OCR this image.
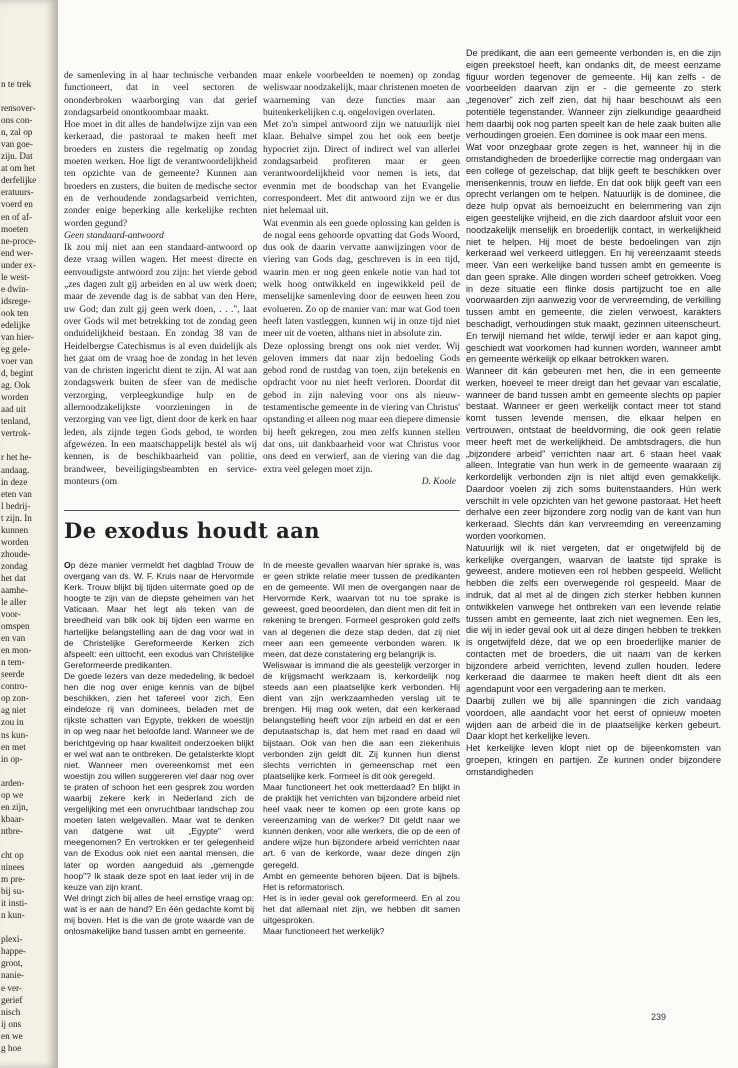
n te trek

rensover-
ons con-
n, zal op
van goe-
zijn. Dat
at om het
derfelijke
eratuurs-
voerd en
en of af-
moeten
ne-proce-
end wer-
under ex-
le west-
e dwin-
idsrege-
ook ten
edelijke
van hier-
eg gele-
voer van
d, begint
ag. Ook
worden
aad uit
tenland,
vertrok-

r het he-
andaag.
in deze
eten van
l bedrij-
t zijn. In
kunnen
worden
zhoude-
zondag
het dat
aamhe-
le aller
voor-
omspen
en van
en mon-
n tem-
seerde
contro-
op zon-
ag niet
zou in
ns kun-
en met
in op-

arden-
op we
en zijn,
kbaar-
ntbre-

cht op
ninees
m pre-
bij su-
it insti-
n kun-

plexi-
happe-
groot,
nanie-
e ver-
gerief
nisch
ij ons
en we
g hoe

de samenleving in al haar technische verbanden functioneert, dat in veel sectoren de ononderbroken waarborging van dat gerief zondagsarbeid onontkoombaar maakt.

Hoe moet in dit alles de handelwijze zijn van een kerkeraad, die pastoraal te maken heeft met broeders en zusters die regelmatig op zondag moeten werken. Hoe ligt de verantwoordelijkheid ten opzichte van de gemeente? Kunnen aan broeders en zusters, die buiten de medische sector en de verhoudende zondagsarbeid verrichten, zonder enige beperking alle kerkelijke rechten worden gegund?

Geen standaard-antwoord

Ik zou mij niet aan een standaard-antwoord op deze vraag willen wagen. Het meest directe en eenvoudigste antwoord zou zijn: het vierde gebod „zes dagen zult gij arbeiden en al uw werk doen; maar de zevende dag is de sabbat van den Here, uw God; dan zult gij geen werk doen, . . .", laat over Gods wil met betrekking tot de zondag geen onduidelijkheid bestaan. En zondag 38 van de Heidelbergse Catechismus is al even duidelijk als het gaat om de vraag hoe de zondag in het leven van de christen ingericht dient te zijn. Al wat aan zondagswerk buiten de sfeer van de medische verzorging, verpleegkundige hulp en de allernoodzakelijkste voorzieningen in de verzorging van vee ligt, dient door de kerk en haar leden, als zijnde tegen Gods gebod, te worden afgewezen. In een maatschappelijk bestel als wij kennen, is de beschikbaarheid van politie, brandweer, beveiligingsbeambten en service-monteurs (om

maar enkele voorbeelden te noemen) op zondag weliswaar noodzakelijk, maar christenen moeten de waarneming van deze functies maar aan buitenkerkelijken c.q. ongelovigen overlaten.

Met zo'n simpel antwoord zijn we natuurlijk niet klaar. Behalve simpel zou het ook een beetje hypocriet zijn. Direct of indirect wel van allerlei zondagsarbeid profiteren maar er geen verantwoordelijkheid voor nemen is iets, dat evenmin met de boodschap van het Evangelie correspondeert. Met dit antwoord zijn we er dus niet helemaal uit.

Wat evenmin als een goede oplossing kan gelden is de nogal eens gehoorde opvatting dat Gods Woord, dus ook de daarin vervatte aanwijzingen voor de viering van Gods dag, geschreven is in een tijd, waarin men er nog geen enkele notie van had tot welk hoog ontwikkeld en ingewikkeld peil de menselijke samenleving door de eeuwen heen zou evolueren. Zo op de manier van: mar wat God toen heeft laten vastleggen, kunnen wij in onze tijd niet meer uit de voeten, althans niet in absolute zin.

Deze oplossing brengt ons ook niet verder. Wij geloven immers dat naar zijn bedoeling Gods gebod rond de rustdag van toen, zijn betekenis en opdracht voor nu niet heeft verloren. Doordat dit gebod in zijn naleving voor ons als nieuw-testamentische gemeente in de viering van Christus' opstanding et alleen nog maar een diepere dimensie bij heeft gekregen, zou men zelfs kunnen stellen dat ons, uit dankbaarheid voor wat Christus voor ons deed en verwierf, aan de viering van die dag extra veel gelegen moet zijn.

D. Koole

De exodus houdt aan

Op deze manier vermeldt het dagblad Trouw de overgang van ds. W. F. Kruis naar de Hervormde Kerk. Trouw blijkt bij tijden uitermate goed op de hoogte te zijn van de diepste geheimen van het Vaticaan. Maar het legt als teken van de breedheid van blik ook bij tijden een warme en hartelijke belangstelling aan de dag voor wat in de Christelijke Gereformeerde Kerken zich afspeelt: een uittocht, een exodus van Christelijke Gereformeerde predikanten.

De goede lezers van deze mededeling, ik bedoel hen die nog over enige kennis van de bijbel beschikken, zien het tafereel voor zich. Een eindeloze rij van dominees, beladen met de rijkste schatten van Egypte, trekken de woestijn in op weg naar het beloofde land. Wanneer we de berichtgeving op haar kwaliteit onderzoeken blijkt er wel wat aan te ontbreken. De getalsterkte klopt niet. Wanneer men overeenkomst met een woestijn zou willen suggereren viel daar nog over te praten of schoon het een gesprek zou worden waarbij zekere kerk in Nederland zich de vergelijking met een onvruchtbaar landschap zou moeten laten welgevallen. Maar wat te denken van datgene wat uit „Egypte" werd meegenomen? En vertrokken er ter gelegenheid van de Exodus ook niet een aantal mensen, die later op worden aangeduid als „gemengde hoop"? Ik staak deze spot en laat ieder vrij in de keuze van zijn krant.

Wel dringt zich bij alles de heel ernstige vraag op: wat is er aan de hand? En één gedachte komt bij mij boven. Het is die van de grote waarde van de onlosmakelijke band tussen ambt en gemeente.

In de meeste gevallen waarvan hier sprake is, was er geen strikte relatie meer tussen de predikanten en de gemeente. Wil men de overgangen naar de Hervormde Kerk, waarvan tot nu toe sprake is geweest, goed beoordelen, dan dient men dit feit in rekening te brengen. Formeel gesproken gold zelfs van al degenen die deze stap deden, dat zij niet meer aan een gemeente verbonden waren. Ik meen, dat deze constatering erg belangrijk is.

Weliswaar is immand die als geestelijk verzorger in de krijgsmacht werkzaam is, kerkordelijk nog steeds aan een plaatselijke kerk verbonden. Hij dient van zijn werkzaamheden verslag uit te brengen. Hij mag ook weten, dat een kerkeraad belangstelling heeft voor zijn arbeid en dat er een deputaatschap is, dat hem met raad en daad wil bijstaan. Ook van hen die aan een ziekenhuis verbonden zijn geldt dit. Zij kunnen hun dienst slechts verrichten in gemeenschap met een plaatselijke kerk. Formeel is dit ook geregeld.

Maar functioneert het ook metterdaad? En blijkt in de praktijk het verrichten van bijzondere arbeid niet heel vaak neer te komen op een grote kans op vereenzaming van de werker? Dit geldt naar we kunnen denken, voor alle werkers, die op de een of andere wijze hun bijzondere arbeid verrichten naar art. 6 van de kerkorde, waar deze dingen zijn geregeld.

Ambt en gemeente behoren bijeen. Dat is bijbels. Het is reformatorisch.

Het is in ieder geval ook gereformeerd. En al zou het dat allemaal niet zijn, we hebben dit samen uitgesproken.

Maar functioneert het werkelijk?

De predikant, die aan een gemeente verbonden is, en die zijn eigen preekstoel heeft, kan ondanks dit, de meest eenzame figuur worden tegenover de gemeente. Hij kan zelfs - de voorbeelden daarvan zijn er - die gemeente zo sterk „tegenover" zich zelf zien, dat hij haar beschouwt als een potentiële tegenstander. Wanneer zijn zielkundige geaardheid hem daarbij ook nog parten speelt kan de hele zaak buiten alle verhoudingen groeien. Een dominee is ook maar een mens.

Wat voor onzegbaar grote zegen is het, wanneer hij in die omstandigheden de broederlijke correctie mag ondergaan van een college of gezelschap, dat blijk geeft te beschikken over mensenkennis, trouw en liefde. En dat ook blijk geeft van een oprecht verlangen om te helpen. Natuurlijk is de dominee, die deze hulp opvat als bemoeizucht en belemmering van zijn eigen geestelijke vrijheid, en die zich daardoor afsluit voor een noodzakelijk menselijk en broederlijk contact, in werkelijkheid niet te helpen. Hij moet de beste bedoelingen van zijn kerkeraad wel verkeerd uitleggen. En hij vereenzaamt steeds meer. Van een werkelijke band tussen ambt en gemeente is dan geen sprake. Alle dingen worden scheef getrokken. Voeg in deze situatie een flinke dosis partijzucht toe en alle voorwaarden zijn aanwezig voor de vervreemding, de verkilling tussen ambt en gemeente, die zielen verwoest, karakters beschadigt, verhoudingen stuk maakt, gezinnen uiteenscheurt. En terwijl niemand het wilde, terwijl ieder er aan kapot ging, geschiedt wat voorkomen had kunnen worden, wanneer ambt en gemeente wérkelijk op elkaar betrokken waren.

Wanneer dit kán gebeuren met hen, die in een gemeente werken, hoeveel te meer dreigt dan het gevaar van escalatie, wanneer de band tussen ambt en gemeente slechts op papier bestaat. Wanneer er geen werkelijk contact meer tot stand komt tussen levende mensen, die elkaar helpen en vertrouwen, ontstaat de beeldvorming, die ook geen relatie meer heeft met de werkelijkheid. De ambtsdragers, die hun „bijzondere arbeid" verrichten naar art. 6 staan heel vaak alleen. Integratie van hun werk in de gemeente waaraan zij kerkordelijk verbonden zijn is niet altijd even gemakkelijk. Daardoor voelen zij zich soms buitenstaanders. Hún werk verschilt in vele opzichten van het gewone pastoraat. Het heeft derhalve een zeer bijzondere zorg nodig van de kant van hun kerkeraad. Slechts dán kan vervreemding en vereenzaming worden voorkomen.

Natuurlijk wil ik niet vergeten, dat er ongetwijfeld bij de kerkelijke overgangen, waarvan de laatste tijd sprake is geweest, andere motieven een rol hebben gespeeld. Wellicht hebben die zelfs een overwegende rol gespeeld. Maar de indruk, dat al met al de dingen zich sterker hebben kunnen ontwikkelen vanwege het ontbreken van een levende relatie tussen ambt en gemeente, laat zich niet wegnemen. Een les, die wij in ieder geval ook uit al deze dingen hebben te trekken is ongetwijfeld déze, dat we op een broederlijke manier de contacten met de broeders, die uit naam van de kerken bijzondere arbeid verrichten, levend zullen houden. Iedere kerkeraad die daarmee te maken heeft dient dit als een agendapunt voor een vergadering aan te merken.

Daarbij zullen we bij alle spanningen die zich vandaag voordoen, alle aandacht voor het eerst of opnieuw moeten wijden aan de arbeid die in de plaatselijke kerken gebeurt. Daar klopt het kerkelijke leven.

Het kerkelijke leven klopt niet op de bijeenkomsten van groepen, kringen en partijen. Ze kunnen onder bijzondere omstandigheden

239
